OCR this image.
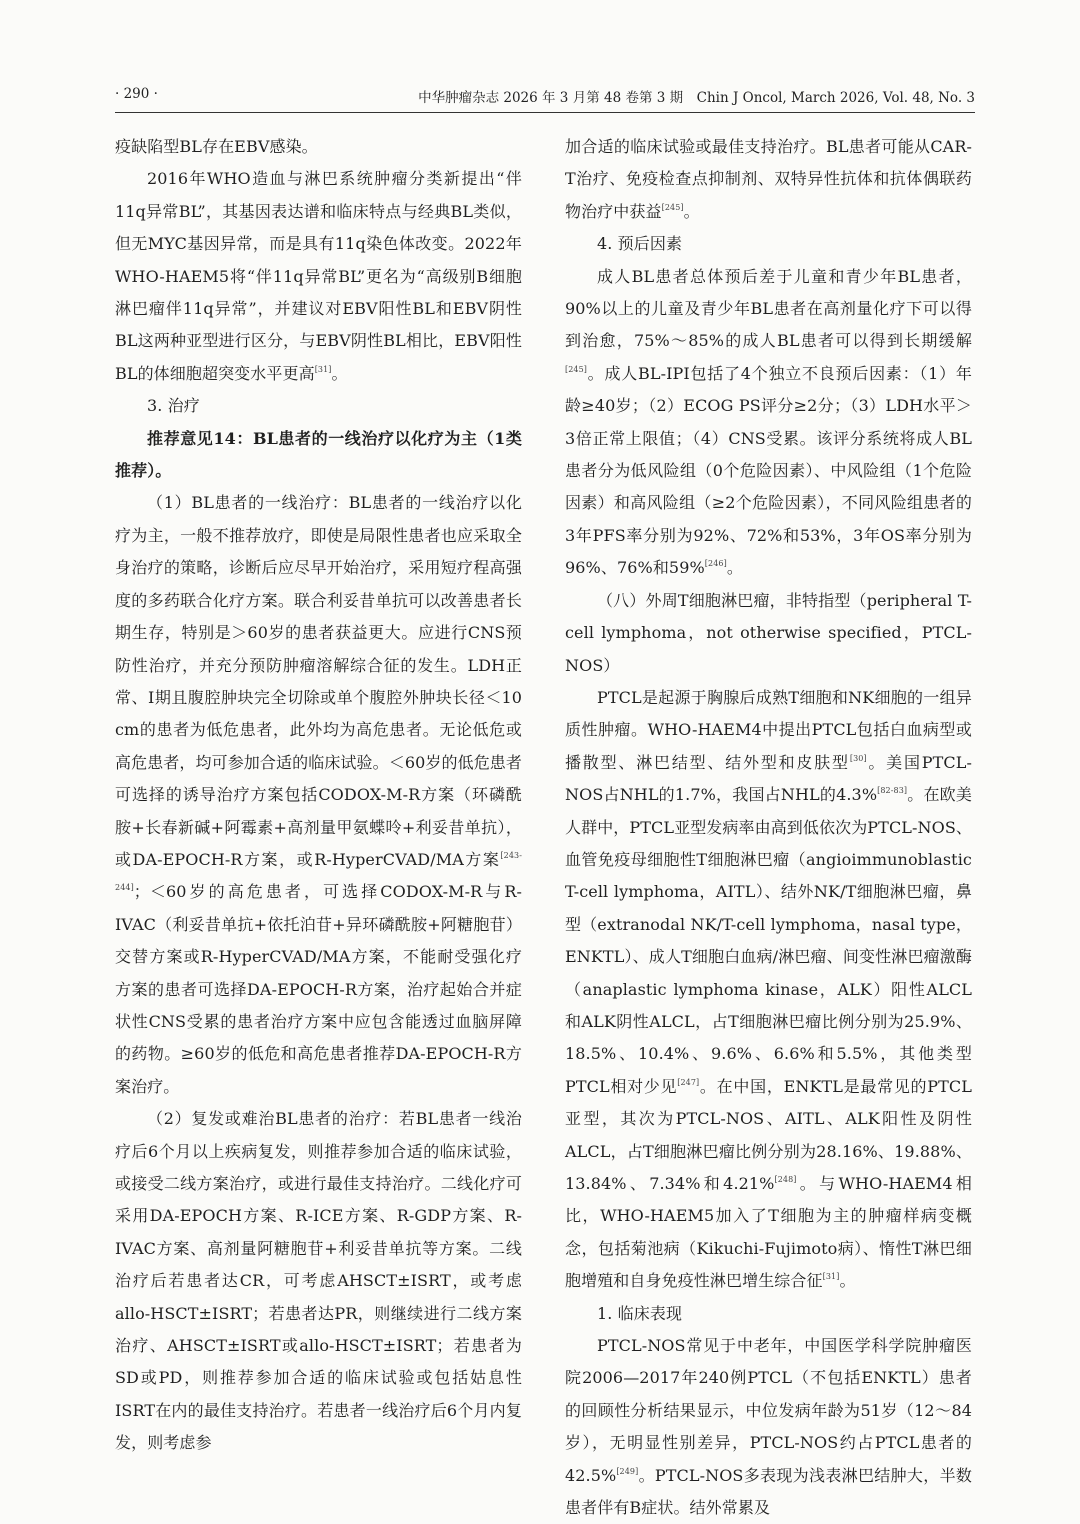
· 290 ·	中华肿瘤杂志 2026 年 3 月第 48 卷第 3 期　Chin J Oncol, March 2026, Vol. 48, No. 3

疫缺陷型BL存在EBV感染。

2016年WHO造血与淋巴系统肿瘤分类新提出“伴11q异常BL”，其基因表达谱和临床特点与经典BL类似，但无MYC基因异常，而是具有11q染色体改变。2022年WHO-HAEM5将“伴11q异常BL”更名为“高级别B细胞淋巴瘤伴11q异常”，并建议对EBV阳性BL和EBV阴性BL这两种亚型进行区分，与EBV阴性BL相比，EBV阳性BL的体细胞超突变水平更高[31]。

3. 治疗

推荐意见14：BL患者的一线治疗以化疗为主（1类推荐）。

（1）BL患者的一线治疗：BL患者的一线治疗以化疗为主，一般不推荐放疗，即使是局限性患者也应采取全身治疗的策略，诊断后应尽早开始治疗，采用短疗程高强度的多药联合化疗方案。联合利妥昔单抗可以改善患者长期生存，特别是＞60岁的患者获益更大。应进行CNS预防性治疗，并充分预防肿瘤溶解综合征的发生。LDH正常、Ⅰ期且腹腔肿块完全切除或单个腹腔外肿块长径＜10 cm的患者为低危患者，此外均为高危患者。无论低危或高危患者，均可参加合适的临床试验。＜60岁的低危患者可选择的诱导治疗方案包括CODOX-M-R方案（环磷酰胺+长春新碱+阿霉素+高剂量甲氨蝶呤+利妥昔单抗），或DA-EPOCH-R方案，或R-HyperCVAD/MA方案[243-244]；＜60岁的高危患者，可选择CODOX-M-R与R-IVAC（利妥昔单抗+依托泊苷+异环磷酰胺+阿糖胞苷）交替方案或R-HyperCVAD/MA方案，不能耐受强化疗方案的患者可选择DA-EPOCH-R方案，治疗起始合并症状性CNS受累的患者治疗方案中应包含能透过血脑屏障的药物。≥60岁的低危和高危患者推荐DA-EPOCH-R方案治疗。

（2）复发或难治BL患者的治疗：若BL患者一线治疗后6个月以上疾病复发，则推荐参加合适的临床试验，或接受二线方案治疗，或进行最佳支持治疗。二线化疗可采用DA-EPOCH方案、R-ICE方案、R-GDP方案、R-IVAC方案、高剂量阿糖胞苷+利妥昔单抗等方案。二线治疗后若患者达CR，可考虑AHSCT±ISRT，或考虑allo-HSCT±ISRT；若患者达PR，则继续进行二线方案治疗、AHSCT±ISRT或allo-HSCT±ISRT；若患者为SD或PD，则推荐参加合适的临床试验或包括姑息性ISRT在内的最佳支持治疗。若患者一线治疗后6个月内复发，则考虑参

加合适的临床试验或最佳支持治疗。BL患者可能从CAR-T治疗、免疫检查点抑制剂、双特异性抗体和抗体偶联药物治疗中获益[245]。

4. 预后因素

成人BL患者总体预后差于儿童和青少年BL患者，90%以上的儿童及青少年BL患者在高剂量化疗下可以得到治愈，75%～85%的成人BL患者可以得到长期缓解[245]。成人BL-IPI包括了4个独立不良预后因素：（1）年龄≥40岁；（2）ECOG PS评分≥2分；（3）LDH水平＞3倍正常上限值；（4）CNS受累。该评分系统将成人BL患者分为低风险组（0个危险因素）、中风险组（1个危险因素）和高风险组（≥2个危险因素），不同风险组患者的3年PFS率分别为92%、72%和53%，3年OS率分别为96%、76%和59%[246]。

（八）外周T细胞淋巴瘤，非特指型（peripheral T-cell lymphoma，not otherwise specified，PTCL-NOS）

PTCL是起源于胸腺后成熟T细胞和NK细胞的一组异质性肿瘤。WHO-HAEM4中提出PTCL包括白血病型或播散型、淋巴结型、结外型和皮肤型[30]。美国PTCL-NOS占NHL的1.7%，我国占NHL的4.3%[82-83]。在欧美人群中，PTCL亚型发病率由高到低依次为PTCL-NOS、血管免疫母细胞性T细胞淋巴瘤（angioimmunoblastic T-cell lymphoma，AITL）、结外NK/T细胞淋巴瘤，鼻型（extranodal NK/T-cell lymphoma，nasal type，ENKTL）、成人T细胞白血病/淋巴瘤、间变性淋巴瘤激酶（anaplastic lymphoma kinase，ALK）阳性ALCL和ALK阴性ALCL，占T细胞淋巴瘤比例分别为25.9%、18.5%、10.4%、9.6%、6.6%和5.5%，其他类型PTCL相对少见[247]。在中国，ENKTL是最常见的PTCL亚型，其次为PTCL-NOS、AITL、ALK阳性及阴性ALCL，占T细胞淋巴瘤比例分别为28.16%、19.88%、13.84%、7.34%和4.21%[248]。与WHO-HAEM4相比，WHO-HAEM5加入了T细胞为主的肿瘤样病变概念，包括菊池病（Kikuchi-Fujimoto病）、惰性T淋巴细胞增殖和自身免疫性淋巴增生综合征[31]。

1. 临床表现

PTCL-NOS常见于中老年，中国医学科学院肿瘤医院2006—2017年240例PTCL（不包括ENKTL）患者的回顾性分析结果显示，中位发病年龄为51岁（12～84岁），无明显性别差异，PTCL-NOS约占PTCL患者的42.5%[249]。PTCL-NOS多表现为浅表淋巴结肿大，半数患者伴有B症状。结外常累及
